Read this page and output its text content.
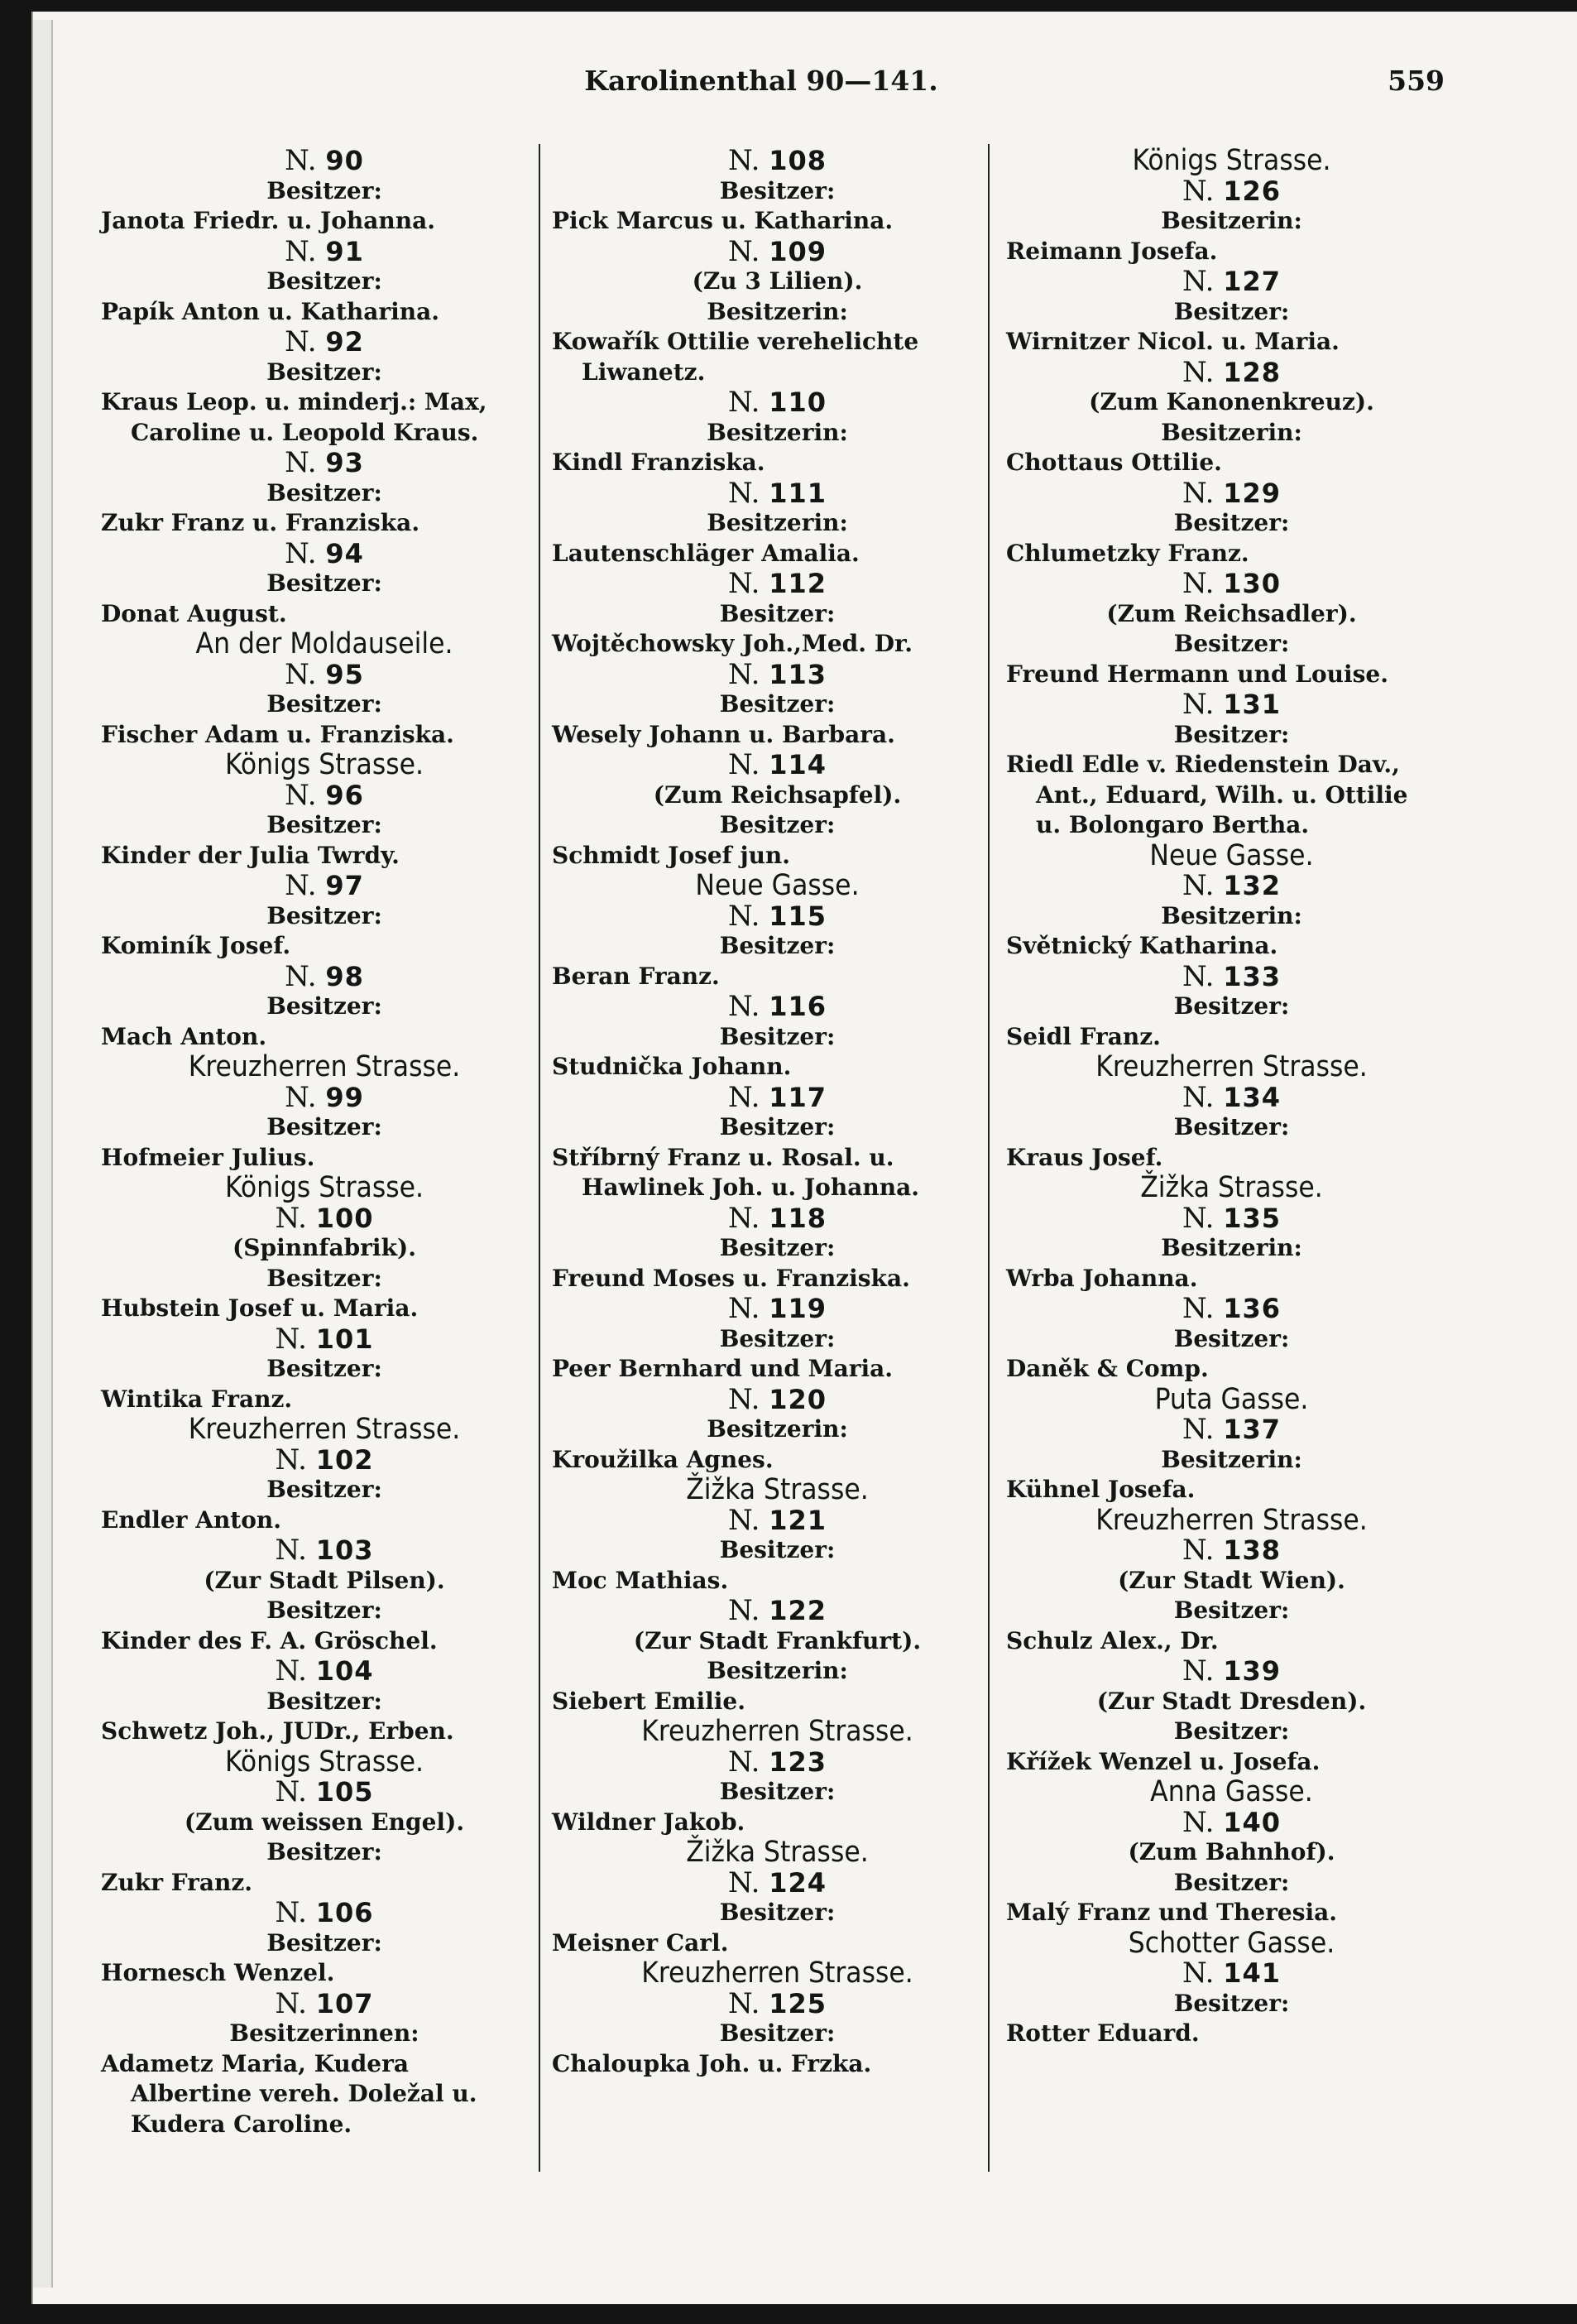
Karolinenthal 90—141.	559
N. 90
Besitzer:
Janota Friedr. u. Johanna.
N. 91
Besitzer:
Papík Anton u. Katharina.
N. 92
Besitzer:
Kraus Leop. u. minderj.: Max,
Caroline u. Leopold Kraus.
N. 93
Besitzer:
Zukr Franz u. Franziska.
N. 94
Besitzer:
Donat August.
An der Moldauseile.
N. 95
Besitzer:
Fischer Adam u. Franziska.
Königs Strasse.
N. 96
Besitzer:
Kinder der Julia Twrdy.
N. 97
Besitzer:
Kominík Josef.
N. 98
Besitzer:
Mach Anton.
Kreuzherren Strasse.
N. 99
Besitzer:
Hofmeier Julius.
Königs Strasse.
N. 100
(Spinnfabrik).
Besitzer:
Hubstein Josef u. Maria.
N. 101
Besitzer:
Wintika Franz.
Kreuzherren Strasse.
N. 102
Besitzer:
Endler Anton.
N. 103
(Zur Stadt Pilsen).
Besitzer:
Kinder des F. A. Gröschel.
N. 104
Besitzer:
Schwetz Joh., JUDr., Erben.
Königs Strasse.
N. 105
(Zum weissen Engel).
Besitzer:
Zukr Franz.
N. 106
Besitzer:
Hornesch Wenzel.
N. 107
Besitzerinnen:
Adametz Maria, Kudera
Albertine vereh. Doležal u.
Kudera Caroline.
N. 108
Besitzer:
Pick Marcus u. Katharina.
N. 109
(Zu 3 Lilien).
Besitzerin:
Kowařík Ottilie verehelichte
Liwanetz.
N. 110
Besitzerin:
Kindl Franziska.
N. 111
Besitzerin:
Lautenschläger Amalia.
N. 112
Besitzer:
Wojtěchowsky Joh.,Med. Dr.
N. 113
Besitzer:
Wesely Johann u. Barbara.
N. 114
(Zum Reichsapfel).
Besitzer:
Schmidt Josef jun.
Neue Gasse.
N. 115
Besitzer:
Beran Franz.
N. 116
Besitzer:
Studnička Johann.
N. 117
Besitzer:
Stříbrný Franz u. Rosal. u.
Hawlinek Joh. u. Johanna.
N. 118
Besitzer:
Freund Moses u. Franziska.
N. 119
Besitzer:
Peer Bernhard und Maria.
N. 120
Besitzerin:
Kroužilka Agnes.
Žižka Strasse.
N. 121
Besitzer:
Moc Mathias.
N. 122
(Zur Stadt Frankfurt).
Besitzerin:
Siebert Emilie.
Kreuzherren Strasse.
N. 123
Besitzer:
Wildner Jakob.
Žižka Strasse.
N. 124
Besitzer:
Meisner Carl.
Kreuzherren Strasse.
N. 125
Besitzer:
Chaloupka Joh. u. Frzka.
Königs Strasse.
N. 126
Besitzerin:
Reimann Josefa.
N. 127
Besitzer:
Wirnitzer Nicol. u. Maria.
N. 128
(Zum Kanonenkreuz).
Besitzerin:
Chottaus Ottilie.
N. 129
Besitzer:
Chlumetzky Franz.
N. 130
(Zum Reichsadler).
Besitzer:
Freund Hermann und Louise.
N. 131
Besitzer:
Riedl Edle v. Riedenstein Dav.,
Ant., Eduard, Wilh. u. Ottilie
u. Bolongaro Bertha.
Neue Gasse.
N. 132
Besitzerin:
Světnický Katharina.
N. 133
Besitzer:
Seidl Franz.
Kreuzherren Strasse.
N. 134
Besitzer:
Kraus Josef.
Žižka Strasse.
N. 135
Besitzerin:
Wrba Johanna.
N. 136
Besitzer:
Daněk & Comp.
Puta Gasse.
N. 137
Besitzerin:
Kühnel Josefa.
Kreuzherren Strasse.
N. 138
(Zur Stadt Wien).
Besitzer:
Schulz Alex., Dr.
N. 139
(Zur Stadt Dresden).
Besitzer:
Křížek Wenzel u. Josefa.
Anna Gasse.
N. 140
(Zum Bahnhof).
Besitzer:
Malý Franz und Theresia.
Schotter Gasse.
N. 141
Besitzer:
Rotter Eduard.
